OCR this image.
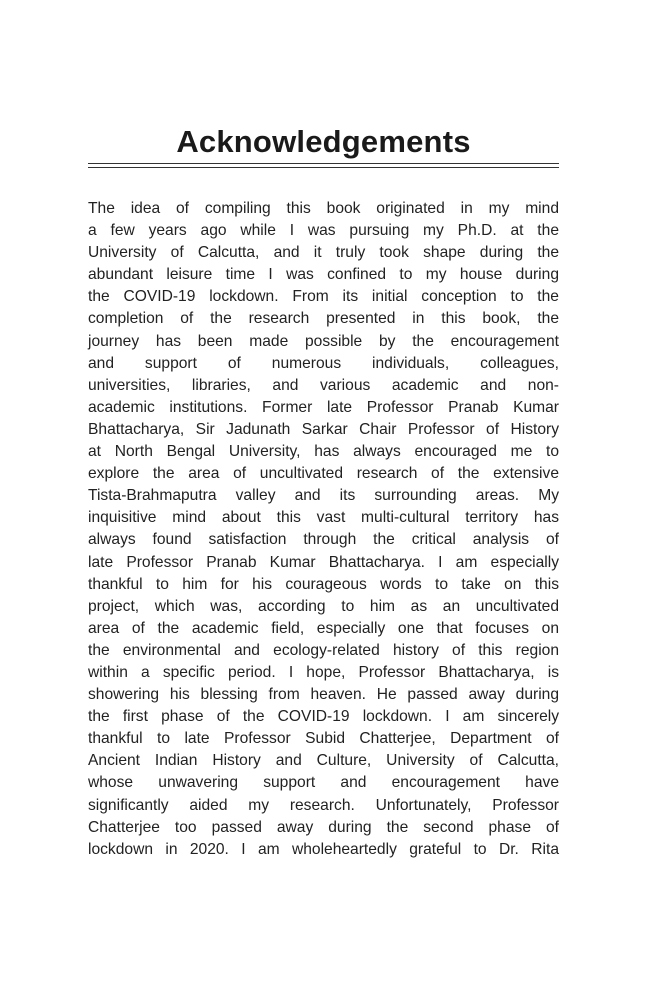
Acknowledgements
The idea of compiling this book originated in my mind
a few years ago while I was pursuing my Ph.D. at the
University of Calcutta, and it truly took shape during the
abundant leisure time I was confined to my house during
the COVID-19 lockdown. From its initial conception to the
completion of the research presented in this book, the
journey has been made possible by the encouragement
and support of numerous individuals, colleagues,
universities, libraries, and various academic and non-
academic institutions. Former late Professor Pranab Kumar
Bhattacharya, Sir Jadunath Sarkar Chair Professor of History
at North Bengal University, has always encouraged me to
explore the area of uncultivated research of the extensive
Tista-Brahmaputra valley and its surrounding areas. My
inquisitive mind about this vast multi-cultural territory has
always found satisfaction through the critical analysis of
late Professor Pranab Kumar Bhattacharya. I am especially
thankful to him for his courageous words to take on this
project, which was, according to him as an uncultivated
area of the academic field, especially one that focuses on
the environmental and ecology-related history of this region
within a specific period. I hope, Professor Bhattacharya, is
showering his blessing from heaven. He passed away during
the first phase of the COVID-19 lockdown. I am sincerely
thankful to late Professor Subid Chatterjee, Department of
Ancient Indian History and Culture, University of Calcutta,
whose unwavering support and encouragement have
significantly aided my research. Unfortunately, Professor
Chatterjee too passed away during the second phase of
lockdown in 2020. I am wholeheartedly grateful to Dr. Rita
